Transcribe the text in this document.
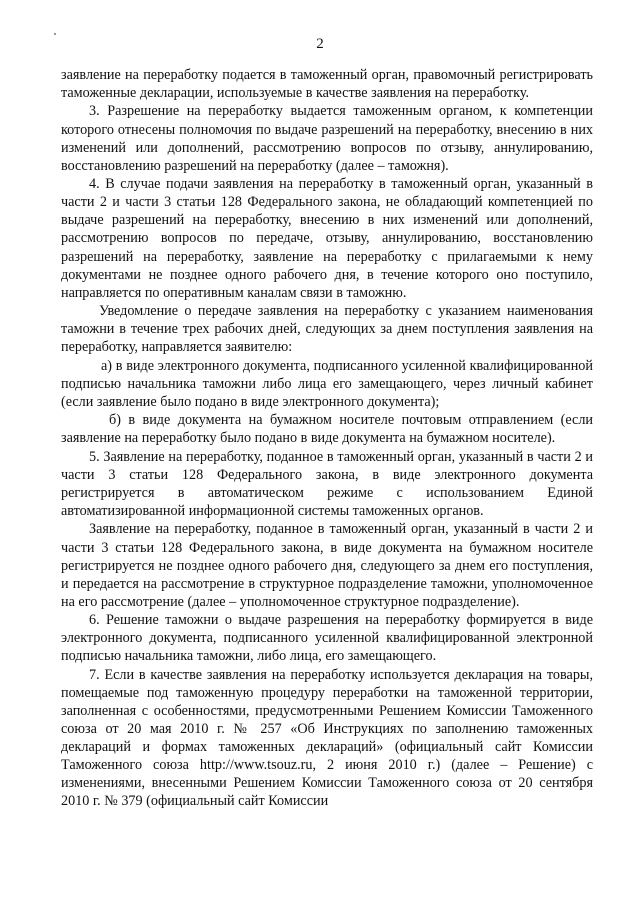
2

заявление на переработку подается в таможенный орган, правомочный регистрировать таможенные декларации, используемые в качестве заявления на переработку.

3. Разрешение на переработку выдается таможенным органом, к компетенции которого отнесены полномочия по выдаче разрешений на переработку, внесению в них изменений или дополнений, рассмотрению вопросов по отзыву, аннулированию, восстановлению разрешений на переработку (далее – таможня).

4. В случае подачи заявления на переработку в таможенный орган, указанный в части 2 и части 3 статьи 128 Федерального закона, не обладающий компетенцией по выдаче разрешений на переработку, внесению в них изменений или дополнений, рассмотрению вопросов по передаче, отзыву, аннулированию, восстановлению разрешений на переработку, заявление на переработку с прилагаемыми к нему документами не позднее одного рабочего дня, в течение которого оно поступило, направляется по оперативным каналам связи в таможню.

Уведомление о передаче заявления на переработку с указанием наименования таможни в течение трех рабочих дней, следующих за днем поступления заявления на переработку, направляется заявителю:

а) в виде электронного документа, подписанного усиленной квалифицированной подписью начальника таможни либо лица его замещающего, через личный кабинет (если заявление было подано в виде электронного документа);

б) в виде документа на бумажном носителе почтовым отправлением (если заявление на переработку было подано в виде документа на бумажном носителе).

5. Заявление на переработку, поданное в таможенный орган, указанный в части 2 и части 3 статьи 128 Федерального закона, в виде электронного документа регистрируется в автоматическом режиме с использованием Единой автоматизированной информационной системы таможенных органов.

Заявление на переработку, поданное в таможенный орган, указанный в части 2 и части 3 статьи 128 Федерального закона, в виде документа на бумажном носителе регистрируется не позднее одного рабочего дня, следующего за днем его поступления, и передается на рассмотрение в структурное подразделение таможни, уполномоченное на его рассмотрение (далее – уполномоченное структурное подразделение).

6. Решение таможни о выдаче разрешения на переработку формируется в виде электронного документа, подписанного усиленной квалифицированной электронной подписью начальника таможни, либо лица, его замещающего.

7. Если в качестве заявления на переработку используется декларация на товары, помещаемые под таможенную процедуру переработки на таможенной территории, заполненная с особенностями, предусмотренными Решением Комиссии Таможенного союза от 20 мая 2010 г. № 257 «Об Инструкциях по заполнению таможенных деклараций и формах таможенных деклараций» (официальный сайт Комиссии Таможенного союза http://www.tsouz.ru, 2 июня 2010 г.) (далее – Решение) с изменениями, внесенными Решением Комиссии Таможенного союза от 20 сентября 2010 г. № 379 (официальный сайт Комиссии
